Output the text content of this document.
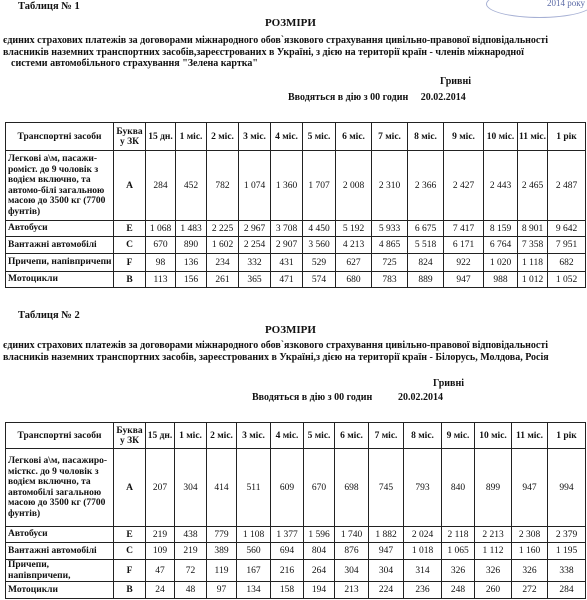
2014 року
Таблиця № 1
РОЗМІРИ
єдиних страхових платежів за договорами міжнародного обов`язкового страхування цивільно-правової відповідальності
власників наземних транспортних засобів,зареєстрованих в Україні, з дією на території країн - членів міжнародної
системи автомобільного страхування "Зелена картка"
Гривні
Вводяться в дію з 00 годин     20.02.2014
Транспортні засоби	Буква у ЗК	15 дн.	1 міс.	2 міс.	3 міс.	4 міс.	5 міс.	6 міс.	7 міс.	8 міс.	9 міс.	10 міс.	11 міс.	1 рік
Легкові а\м, пасажи-роміст. до 9 чоловік з водієм включно, та автомо-білі загальною масою до 3500 кг (7700 фунтів)	A	284	452	782	1 074	1 360	1 707	2 008	2 310	2 366	2 427	2 443	2 465	2 487
Автобуси	E	1 068	1 483	2 225	2 967	3 708	4 450	5 192	5 933	6 675	7 417	8 159	8 901	9 642
Вантажні автомобілі	C	670	890	1 602	2 254	2 907	3 560	4 213	4 865	5 518	6 171	6 764	7 358	7 951
Причепи, напівпричепи	F	98	136	234	332	431	529	627	725	824	922	1 020	1 118	682
Мотоцикли	B	113	156	261	365	471	574	680	783	889	947	988	1 012	1 052
Таблиця № 2
РОЗМІРИ
єдиних страхових платежів за договорами міжнародного обов`язкового страхування цивільно-правової відповідальності
власників наземних транспортних засобів, зареєстрованих в Україні,з дією на території країн - Білорусь, Молдова, Росія
Гривні
Вводяться в дію з 00 годин	20.02.2014
Транспортні засоби	Буква у ЗК	15 дн.	1 міс.	2 міс.	3 міс.	4 міс.	5 міс.	6 міс.	7 міс.	8 міс.	9 міс.	10 міс.	11 міс.	1 рік
Легкові а\м, пасажиро-місткс. до 9 чоловік з водієм включно, та автомобілі загальною масою до 3500 кг (7700 фунтів)	A	207	304	414	511	609	670	698	745	793	840	899	947	994
Автобуси	E	219	438	779	1 108	1 377	1 596	1 740	1 882	2 024	2 118	2 213	2 308	2 379
Вантажні автомобілі	C	109	219	389	560	694	804	876	947	1 018	1 065	1 112	1 160	1 195
Причепи, напівпричепи,	F	47	72	119	167	216	264	304	304	314	326	326	326	338
Мотоцикли	B	24	48	97	134	158	194	213	224	236	248	260	272	284
